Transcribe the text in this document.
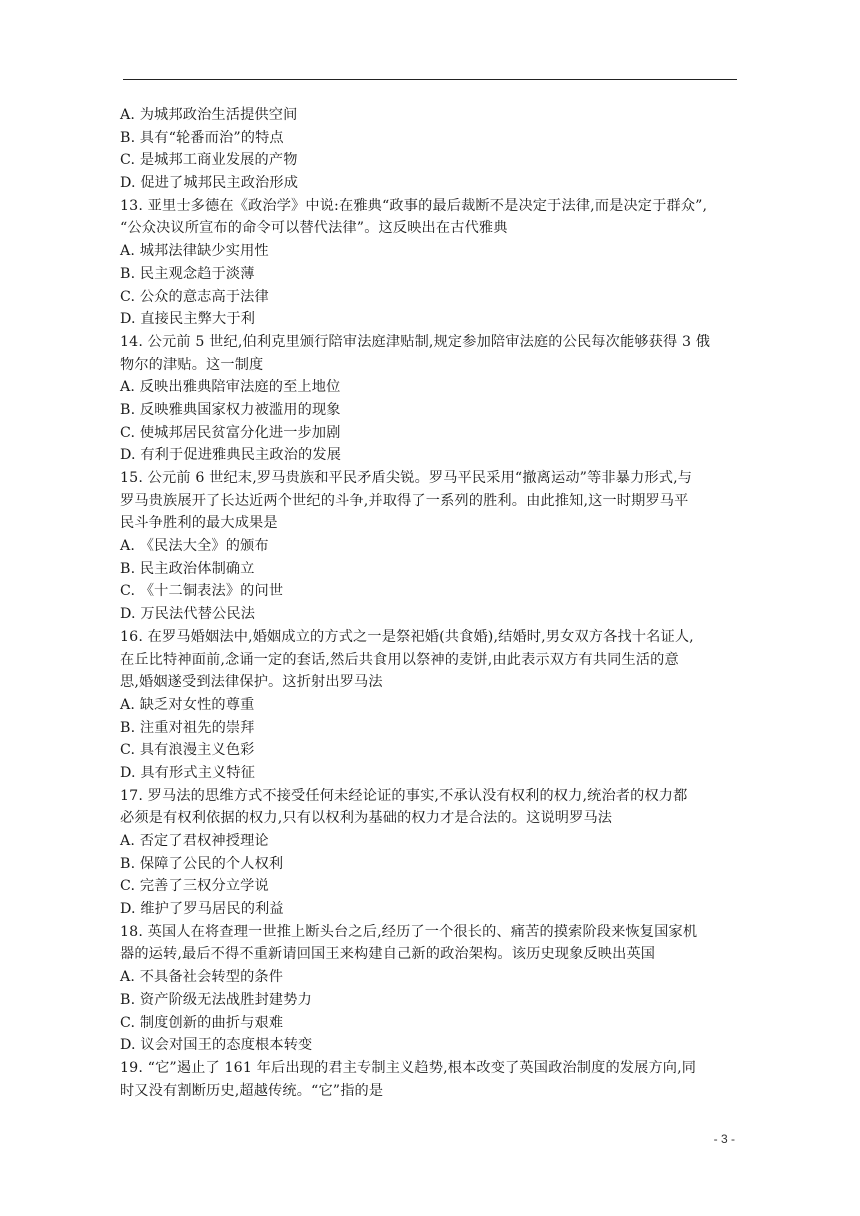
A. 为城邦政治生活提供空间
B. 具有“轮番而治”的特点
C. 是城邦工商业发展的产物
D. 促进了城邦民主政治形成
13. 亚里士多德在《政治学》中说:在雅典“政事的最后裁断不是决定于法律,而是决定于群众”,
“公众决议所宣布的命令可以替代法律”。这反映出在古代雅典
A. 城邦法律缺少实用性
B. 民主观念趋于淡薄
C. 公众的意志高于法律
D. 直接民主弊大于利
14. 公元前 5 世纪,伯利克里颁行陪审法庭津贴制,规定参加陪审法庭的公民每次能够获得 3 俄
物尔的津贴。这一制度
A. 反映出雅典陪审法庭的至上地位
B. 反映雅典国家权力被滥用的现象
C. 使城邦居民贫富分化进一步加剧
D. 有利于促进雅典民主政治的发展
15. 公元前 6 世纪末,罗马贵族和平民矛盾尖锐。罗马平民采用“撤离运动”等非暴力形式,与
罗马贵族展开了长达近两个世纪的斗争,并取得了一系列的胜利。由此推知,这一时期罗马平
民斗争胜利的最大成果是
A. 《民法大全》的颁布
B. 民主政治体制确立
C. 《十二铜表法》的问世
D. 万民法代替公民法
16. 在罗马婚姻法中,婚姻成立的方式之一是祭祀婚(共食婚),结婚时,男女双方各找十名证人,
在丘比特神面前,念诵一定的套话,然后共食用以祭神的麦饼,由此表示双方有共同生活的意
思,婚姻遂受到法律保护。这折射出罗马法
A. 缺乏对女性的尊重
B. 注重对祖先的崇拜
C. 具有浪漫主义色彩
D. 具有形式主义特征
17. 罗马法的思维方式不接受任何未经论证的事实,不承认没有权利的权力,统治者的权力都
必须是有权利依据的权力,只有以权利为基础的权力才是合法的。这说明罗马法
A. 否定了君权神授理论
B. 保障了公民的个人权利
C. 完善了三权分立学说
D. 维护了罗马居民的利益
18. 英国人在将查理一世推上断头台之后,经历了一个很长的、痛苦的摸索阶段来恢复国家机
器的运转,最后不得不重新请回国王来构建自己新的政治架构。该历史现象反映出英国
A. 不具备社会转型的条件
B. 资产阶级无法战胜封建势力
C. 制度创新的曲折与艰难
D. 议会对国王的态度根本转变
19. “它”遏止了 161 年后出现的君主专制主义趋势,根本改变了英国政治制度的发展方向,同
时又没有割断历史,超越传统。“它”指的是
- 3 -
